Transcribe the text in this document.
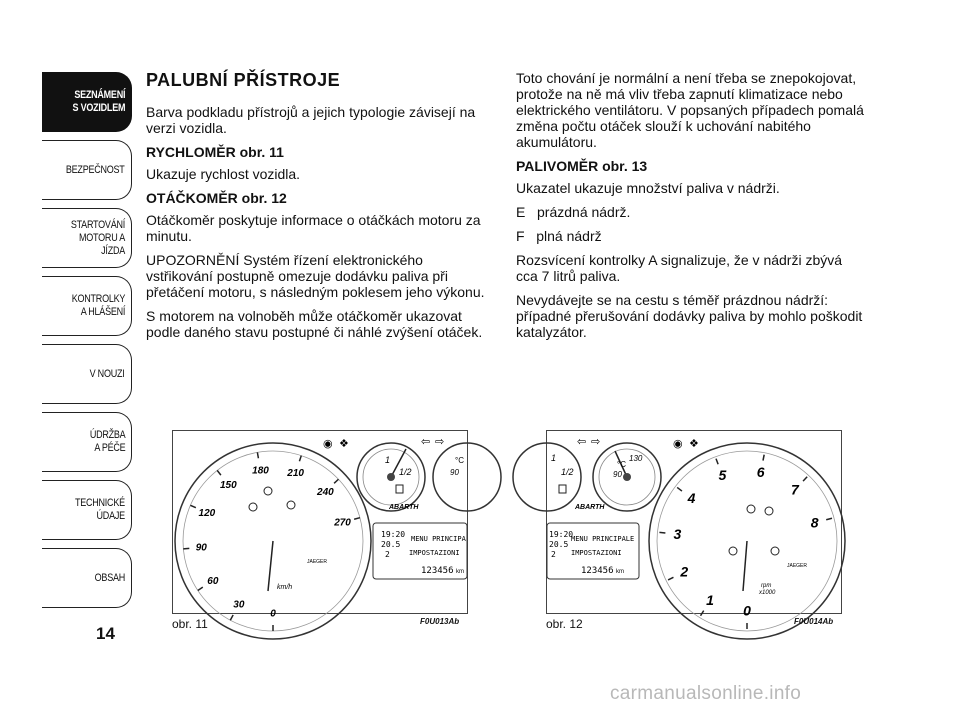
SEZNÁMENÍ
S VOZIDLEM
BEZPEČNOST
STARTOVÁNÍ
MOTORU A JÍZDA
KONTROLKY
A HLÁŠENÍ
V NOUZI
ÚDRŽBA
A PÉČE
TECHNICKÉ
ÚDAJE
OBSAH
14
PALUBNÍ PŘÍSTROJE

Barva podkladu přístrojů a jejich typologie závisejí na verzi vozidla.

RYCHLOMĚR obr. 11

Ukazuje rychlost vozidla.

OTÁČKOMĚR obr. 12

Otáčkoměr poskytuje informace o otáčkách motoru za minutu.

UPOZORNĚNÍ Systém řízení elektronického vstřikování postupně omezuje dodávku paliva při přetáčení motoru, s následným poklesem jeho výkonu.

S motorem na volnoběh může otáčkoměr ukazovat podle daného stavu postupné či náhlé zvýšení otáček.

Toto chování je normální a není třeba se znepokojovat, protože na ně má vliv třeba zapnutí klimatizace nebo elektrického ventilátoru. V popsaných případech pomalá změna počtu otáček slouží k uchování nabitého akumulátoru.

PALIVOMĚR obr. 13

Ukazatel ukazuje množství paliva v nádrži.

E   prázdná nádrž.

F   plná nádrž

Rozsvícení kontrolky A signalizuje, že v nádrži zbývá cca 7 litrů paliva.

Nevydávejte se na cestu s téměř prázdnou nádrží: případné přerušování dodávky paliva by mohlo poškodit katalyzátor.

1
1/2	90
°C
◉ ❖	⇦ ⇨
0
30
60
90
120
150
180 210
240
270
km/h
JAEGER
ABARTH
19:20
20.5
2
MENU PRINCIPA
IMPOSTAZIONI
123456 km
obr. 11	F0U013Ab
1
1/2
130
90
°C
⇦ ⇨	◉ ❖
ABARTH
19:20
20.5
2
MENU PRINCIPALE
IMPOSTAZIONI
123456 km
0
1
2
3
4
5 6
7
8
rpm
x1000
JAEGER
obr. 12	F0U014Ab
carmanualsonline.info
